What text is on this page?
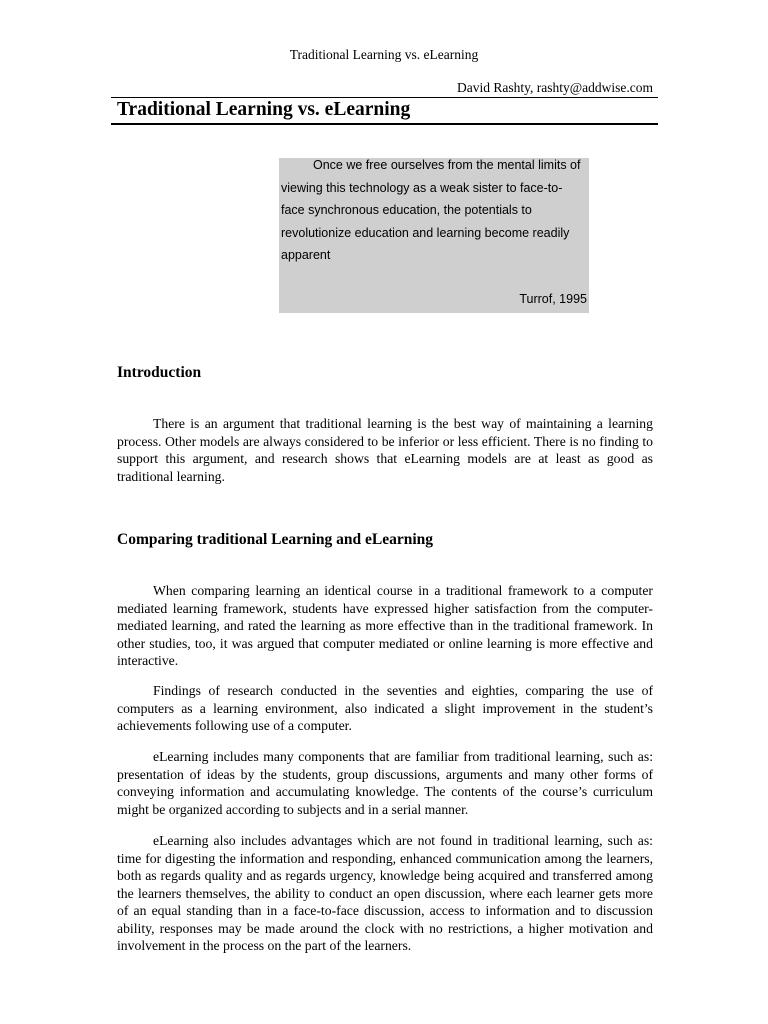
Traditional Learning vs. eLearning
David Rashty, rashty@addwise.com
Traditional Learning vs. eLearning
Once we free ourselves from the mental limits of viewing this technology as a weak sister to face-to-face synchronous education, the potentials to revolutionize education and learning become readily apparent
Turrof, 1995
Introduction
There is an argument that traditional learning is the best way of maintaining a learning process. Other models are always considered to be inferior or less efficient. There is no finding to support this argument, and research shows that eLearning models are at least as good as traditional learning.
Comparing traditional Learning and eLearning
When comparing learning an identical course in a traditional framework to a computer mediated learning framework, students have expressed higher satisfaction from the computer-mediated learning, and rated the learning as more effective than in the traditional framework. In other studies, too, it was argued that computer mediated or online learning is more effective and interactive.
Findings of research conducted in the seventies and eighties, comparing the use of computers as a learning environment, also indicated a slight improvement in the student’s achievements following use of a computer.
eLearning includes many components that are familiar from traditional learning, such as: presentation of ideas by the students, group discussions, arguments and many other forms of conveying information and accumulating knowledge. The contents of the course’s curriculum might be organized according to subjects and in a serial manner.
eLearning also includes advantages which are not found in traditional learning, such as: time for digesting the information and responding, enhanced communication among the learners, both as regards quality and as regards urgency, knowledge being acquired and transferred among the learners themselves, the ability to conduct an open discussion, where each learner gets more of an equal standing than in a face-to-face discussion, access to information and to discussion ability, responses may be made around the clock with no restrictions, a higher motivation and involvement in the process on the part of the learners.
